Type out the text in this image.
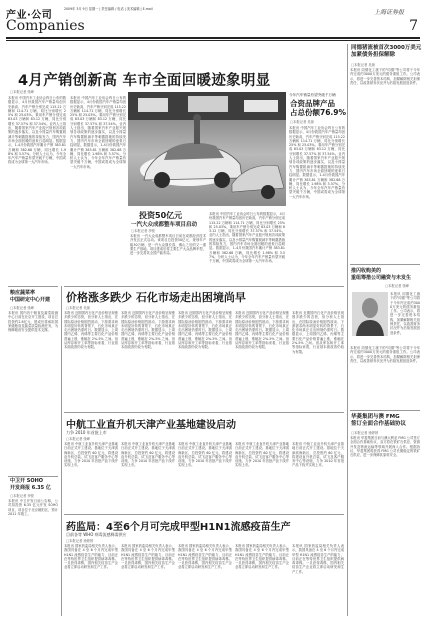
产业·公司
Companies
2009年 3月 9日 星期一 | 责任编辑 / 电话 | 美术编辑 | E-mail	上海证券报
7
4月产销创新高 车市全面回暖迹象明显
□本报记者 张峰
本报讯 中国汽车工业协会昨日公布的数据显示，4月份我国汽车产销量均创历史新高，汽车产销分别完成 115.22 万辆和 114.71 万辆，同比分别增长 25% 和 25.03%。乘用车产销分别完成 83.03 万辆和 83.12 万辆，同比分别增长 37.57% 和 37.54%。业内人士指出，随着国家汽车产业振兴规划各项政策的逐步落实，以及小排量汽车购置税减半等刺激措施的持续发力，国内汽车市场全面回暖的迹象日趋明显。数据显示，1-4月份我国汽车累计产销 383.81 万辆和 382.68 万辆，同比增长 1.98% 和 3.57%。分析人士认为，今年全年汽车产销量有望突破千万辆，中国或将成为全球第一大汽车市场。
本报讯 中国汽车工业协会昨日公布的数据显示，4月份我国汽车产销量均创历史新高，汽车产销分别完成 115.22 万辆和 114.71 万辆，同比分别增长 25% 和 25.03%。乘用车产销分别完成 83.03 万辆和 83.12 万辆，同比分别增长 37.57% 和 37.54%。业内人士指出，随着国家汽车产业振兴规划各项政策的逐步落实，以及小排量汽车购置税减半等刺激措施的持续发力，国内汽车市场全面回暖的迹象日趋明显。数据显示，1-4月份我国汽车累计产销 383.81 万辆和 382.68 万辆，同比增长 1.98% 和 3.57%。分析人士认为，今年全年汽车产销量有望突破千万辆，中国或将成为全球第一大汽车市场。
今年汽车销量有望突破千万辆
合资品牌产品
占总份额76.9%
□本报记者 吴琼
本报讯 中国汽车工业协会昨日公布的数据显示，4月份我国汽车产销量均创历史新高，汽车产销分别完成 115.22 万辆和 114.71 万辆，同比分别增长 25% 和 25.03%。乘用车产销分别完成 83.03 万辆和 83.12 万辆，同比分别增长 37.57% 和 37.54%。业内人士指出，随着国家汽车产业振兴规划各项政策的逐步落实，以及小排量汽车购置税减半等刺激措施的持续发力，国内汽车市场全面回暖的迹象日趋明显。数据显示，1-4月份我国汽车累计产销 383.81 万辆和 382.68 万辆，同比增长 1.98% 和 3.57%。分析人士认为，今年全年汽车产销量有望突破千万辆，中国或将成为全球第一大汽车市场。
投资50亿元
一汽大众成都整车项目启动
□本报记者 李锐
本报讯 一汽大众成都整车项目日前在成都经济技术开发区正式启动。该项目总投资50亿元，规划年产能30万辆，是一汽大众继长春、佛山之后的又一重要生产基地。项目建成后将主要生产大众品牌车型，进一步完善其全国产能布局。
本报讯 中国汽车工业协会昨日公布的数据显示，4月份我国汽车产销量均创历史新高，汽车产销分别完成 115.22 万辆和 114.71 万辆，同比分别增长 25% 和 25.03%。乘用车产销分别完成 83.03 万辆和 83.12 万辆，同比分别增长 37.57% 和 37.54%。业内人士指出，随着国家汽车产业振兴规划各项政策的逐步落实，以及小排量汽车购置税减半等刺激措施的持续发力，国内汽车市场全面回暖的迹象日趋明显。数据显示，1-4月份我国汽车累计产销 383.81 万辆和 382.68 万辆，同比增长 1.98% 和 3.57%。分析人士认为，今年全年汽车产销量有望突破千万辆，中国或将成为全球第一大汽车市场。
同德猪流被首次3000万美元
加紧债务担保解除
□本报记者 吴琼
本报讯 同德化工旗下的"同德"等公司将于今年内完成约3000万美元的债务重组工作。公司表示，将进一步完善资本结构，加紧解除相关担保责任，以改善财务状况并为后续发展创造条件。
推闪收购美的
重组筹措公司融资与未发生
□本报记者 张峰
本报讯 同德化工旗下的"同德"等公司将于今年内完成约3000万美元的债务重组工作。公司表示，将进一步完善资本结构，加紧解除相关担保责任，以改善财务状况并为后续发展创造条件。
本报讯 同德化工旗下的"同德"等公司将于今年内完成约3000万美元的债务重组工作。公司表示，将进一步完善资本结构，加紧解除相关担保责任，以改善财务状况并为后续发展创造条件。
华菱集团与澳 FMG
签订全面合作基础协议
□本报记者 徐婷婷
本报讯 华菱集团日前与澳大利亚 FMG 公司签订全面合作基础协议，双方将在铁矿石供应、资源开发及物流运输等领域开展深入合作。根据协议，华菱集团将获得 FMG 公司长期稳定的铁矿石供应，进一步保障其原料安全。
粮应蔬菜率
中国研定中心开建
□本报记者 张峰
本报讯 国内首个粮食及蔬菜检测中心日前在北京开工建设，项目总投资约2.8亿元，建成后将承担国家级粮食及蔬菜质量检测任务，为保障粮食安全提供技术支撑。
中卫开 SOHO
开发商报 6.35 亿
□本报记者 李锐
本报讯 中卫开发日前公告称，公司拟投资 6.35 亿元开发 SOHO 项目，项目位于北京朝阳区，预计 2011 年竣工。
价格涨多跌少 石化市场走出困境尚早
□本报记者 吴琼
本报讯 近期国内石化产品价格呈现涨多跌少的态势，但分析人士指出，在国际原油价格剧烈波动、下游需求尚未明显好转的背景下，石化市场真正走出困境仍需时日。数据显示，上周国内乙烯、丙烯等主要石化产品价格普遍上涨，涨幅在 2%-5% 之间。但从库存和开工率等指标来看，行业基本面改善仍较为有限。
本报讯 近期国内石化产品价格呈现涨多跌少的态势，但分析人士指出，在国际原油价格剧烈波动、下游需求尚未明显好转的背景下，石化市场真正走出困境仍需时日。数据显示，上周国内乙烯、丙烯等主要石化产品价格普遍上涨，涨幅在 2%-5% 之间。但从库存和开工率等指标来看，行业基本面改善仍较为有限。
本报讯 近期国内石化产品价格呈现涨多跌少的态势，但分析人士指出，在国际原油价格剧烈波动、下游需求尚未明显好转的背景下，石化市场真正走出困境仍需时日。数据显示，上周国内乙烯、丙烯等主要石化产品价格普遍上涨，涨幅在 2%-5% 之间。但从库存和开工率等指标来看，行业基本面改善仍较为有限。
本报讯 近期国内石化产品价格呈现涨多跌少的态势，但分析人士指出，在国际原油价格剧烈波动、下游需求尚未明显好转的背景下，石化市场真正走出困境仍需时日。数据显示，上周国内乙烯、丙烯等主要石化产品价格普遍上涨，涨幅在 2%-5% 之间。但从库存和开工率等指标来看，行业基本面改善仍较为有限。
本报讯 近期国内石化产品价格呈现涨多跌少的态势，但分析人士指出，在国际原油价格剧烈波动、下游需求尚未明显好转的背景下，石化市场真正走出困境仍需时日。数据显示，上周国内乙烯、丙烯等主要石化产品价格普遍上涨，涨幅在 2%-5% 之间。但从库存和开工率等指标来看，行业基本面改善仍较为有限。
中航工业直升机天津产业基地建设启动
力争 2010 年首批上市
□本报记者 张峰
本报讯 中航工业直升机天津产业基地日前正式开工建设。基地位于天津滨海新区，总投资约 60 亿元，将建设直升机总装、试飞及客户服务中心等设施，力争 2010 年首批产品下线并实现上市。
本报讯 中航工业直升机天津产业基地日前正式开工建设。基地位于天津滨海新区，总投资约 60 亿元，将建设直升机总装、试飞及客户服务中心等设施，力争 2010 年首批产品下线并实现上市。
本报讯 中航工业直升机天津产业基地日前正式开工建设。基地位于天津滨海新区，总投资约 60 亿元，将建设直升机总装、试飞及客户服务中心等设施，力争 2010 年首批产品下线并实现上市。
本报讯 中航工业直升机天津产业基地日前正式开工建设。基地位于天津滨海新区，总投资约 60 亿元，将建设直升机总装、试飞及客户服务中心等设施，力争 2010 年首批产品下线并实现上市。
本报讯 中航工业直升机天津产业基地日前正式开工建设。基地位于天津滨海新区，总投资约 60 亿元，将建设直升机总装、试飞及客户服务中心等设施，力争 2010 年首批产品下线并实现上市。
药监局：4至6个月可完成甲型H1N1流感疫苗生产
目前各等 WHO 病毒流感株需供应
□本报记者 徐婷婷
本报讯 国家药监局相关负责人表示，我国具备在 4 至 6 个月内完成甲型 H1N1 流感疫苗生产的能力，目前正在等待世界卫生组织提供病毒毒株。一旦获得毒株，国内相关疫苗生产企业将立即启动研发和生产工作。
本报讯 国家药监局相关负责人表示，我国具备在 4 至 6 个月内完成甲型 H1N1 流感疫苗生产的能力，目前正在等待世界卫生组织提供病毒毒株。一旦获得毒株，国内相关疫苗生产企业将立即启动研发和生产工作。
本报讯 国家药监局相关负责人表示，我国具备在 4 至 6 个月内完成甲型 H1N1 流感疫苗生产的能力，目前正在等待世界卫生组织提供病毒毒株。一旦获得毒株，国内相关疫苗生产企业将立即启动研发和生产工作。
本报讯 国家药监局相关负责人表示，我国具备在 4 至 6 个月内完成甲型 H1N1 流感疫苗生产的能力，目前正在等待世界卫生组织提供病毒毒株。一旦获得毒株，国内相关疫苗生产企业将立即启动研发和生产工作。
本报讯 国家药监局相关负责人表示，我国具备在 4 至 6 个月内完成甲型 H1N1 流感疫苗生产的能力，目前正在等待世界卫生组织提供病毒毒株。一旦获得毒株，国内相关疫苗生产企业将立即启动研发和生产工作。
